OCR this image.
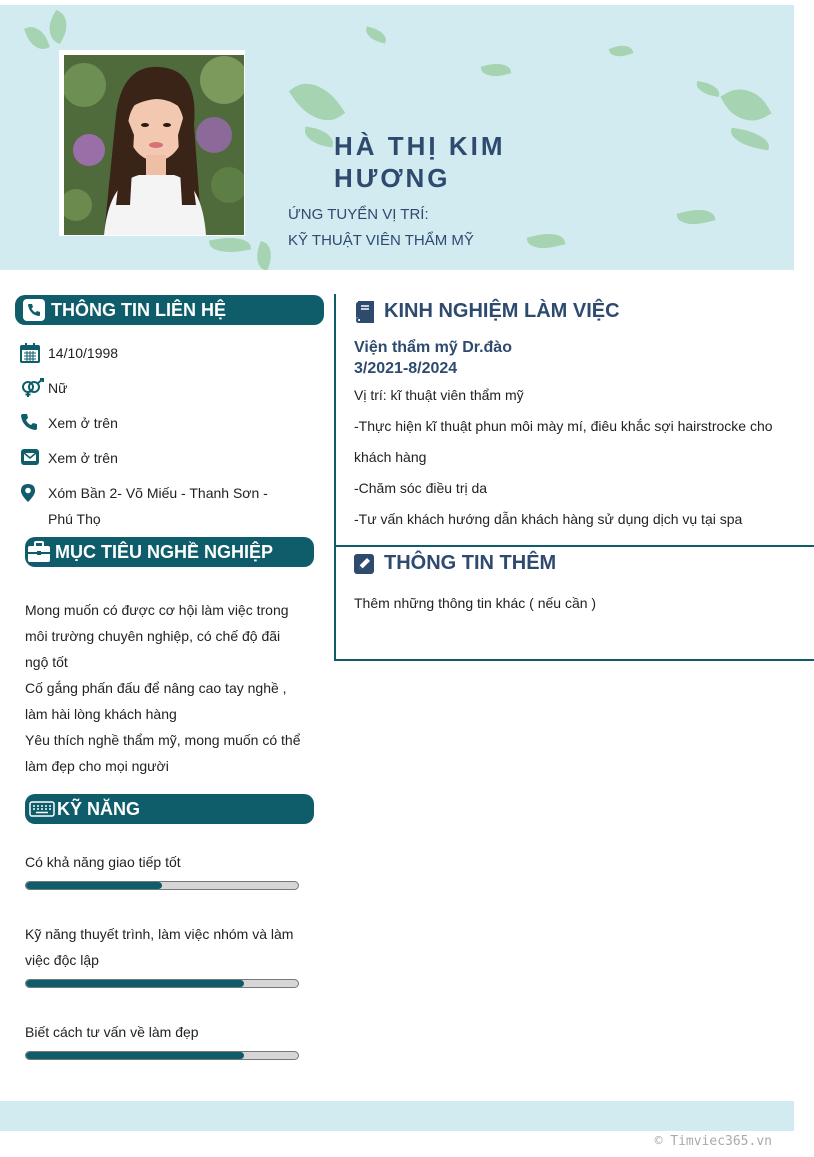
HÀ THỊ KIM HƯƠNG
ỨNG TUYỂN VỊ TRÍ:
KỸ THUẬT VIÊN THẨM MỸ
THÔNG TIN LIÊN HỆ
14/10/1998
Nữ
Xem ở trên
Xem ở trên
Xóm Bần 2- Võ Miếu - Thanh Sơn -
Phú Thọ
MỤC TIÊU NGHỀ NGHIỆP
Mong muốn có được cơ hội làm việc trong
môi trường chuyên nghiệp, có chế độ đãi
ngộ tốt
Cố gắng phấn đấu để nâng cao tay nghề ,
làm hài lòng khách hàng
Yêu thích nghề thẩm mỹ, mong muốn có thể
làm đẹp cho mọi người
KỸ NĂNG
Có khả năng giao tiếp tốt
Kỹ năng thuyết trình, làm việc nhóm và làm
việc độc lập
Biết cách tư vấn về làm đẹp
KINH NGHIỆM LÀM VIỆC
Viện thẩm mỹ Dr.đào
3/2021-8/2024
Vị trí: kĩ thuật viên thẩm mỹ
-Thực hiện kĩ thuật phun môi mày mí, điêu khắc sợi hairstrocke cho
khách hàng
-Chăm sóc điều trị da
-Tư vấn khách hướng dẫn khách hàng sử dụng dịch vụ tại spa
THÔNG TIN THÊM
Thêm những thông tin khác ( nếu cần )
© Timviec365.vn
